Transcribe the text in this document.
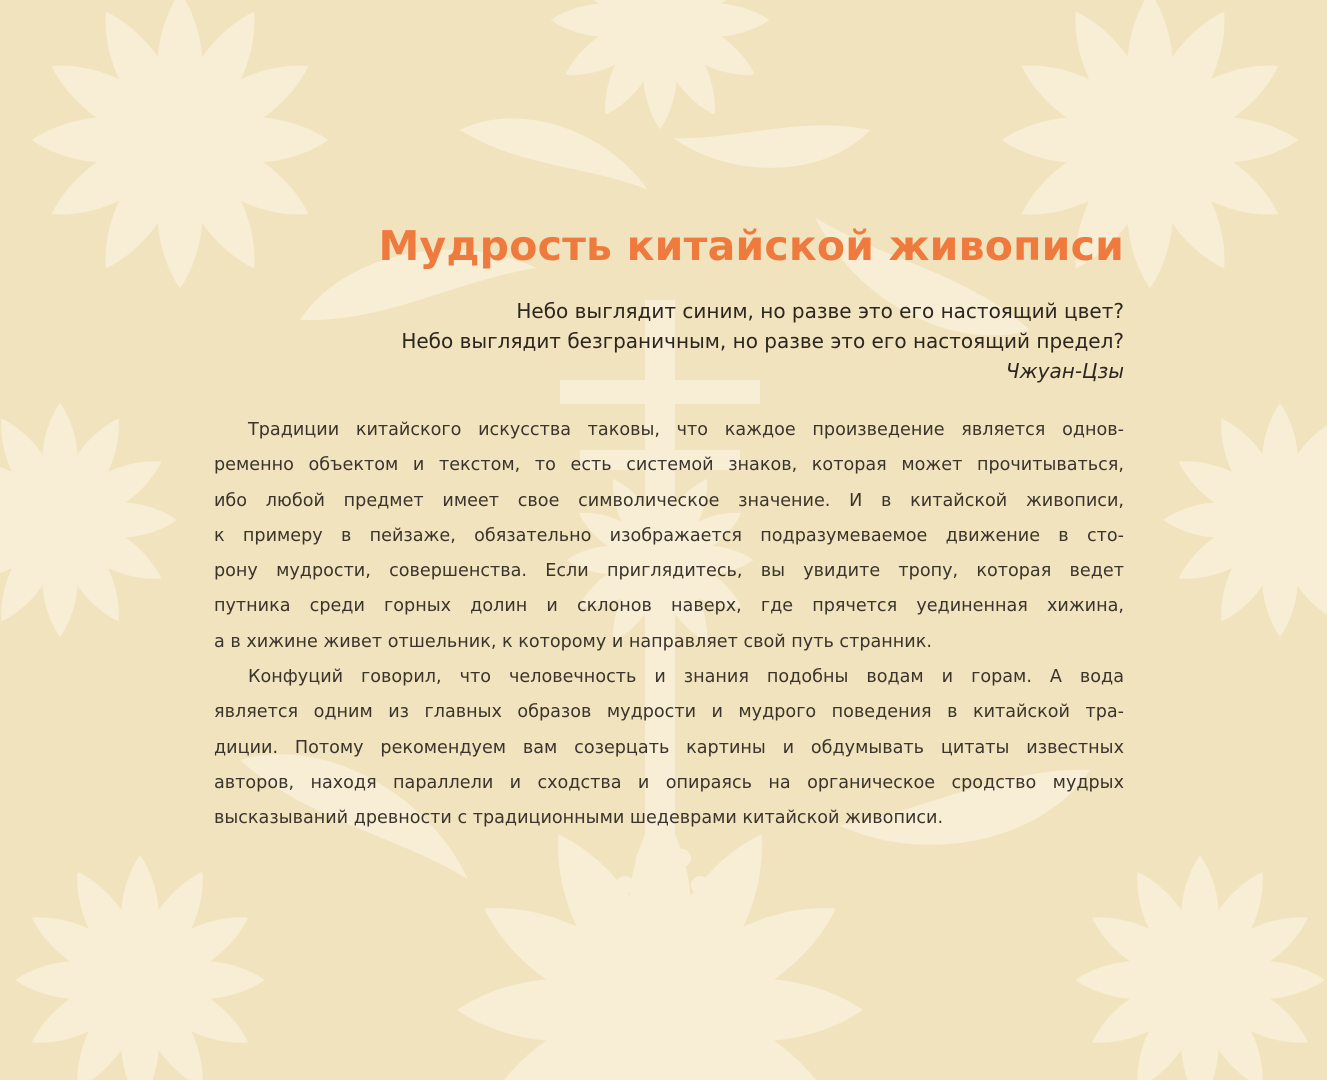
Мудрость китайской живописи
Небо выглядит синим, но разве это его настоящий цвет?
Небо выглядит безграничным, но разве это его настоящий предел?
Чжуан-Цзы
Традиции китайского искусства таковы, что каждое произведение является однов-
ременно объектом и текстом, то есть системой знаков, которая может прочитываться,
ибо любой предмет имеет свое символическое значение. И в китайской живописи,
к примеру в пейзаже, обязательно изображается подразумеваемое движение в сто-
рону мудрости, совершенства. Если приглядитесь, вы увидите тропу, которая ведет
путника среди горных долин и склонов наверх, где прячется уединенная хижина,
а в хижине живет отшельник, к которому и направляет свой путь странник.
Конфуций говорил, что человечность и знания подобны водам и горам. А вода
является одним из главных образов мудрости и мудрого поведения в китайской тра-
диции. Потому рекомендуем вам созерцать картины и обдумывать цитаты известных
авторов, находя параллели и сходства и опираясь на органическое сродство мудрых
высказываний древности с традиционными шедеврами китайской живописи.
